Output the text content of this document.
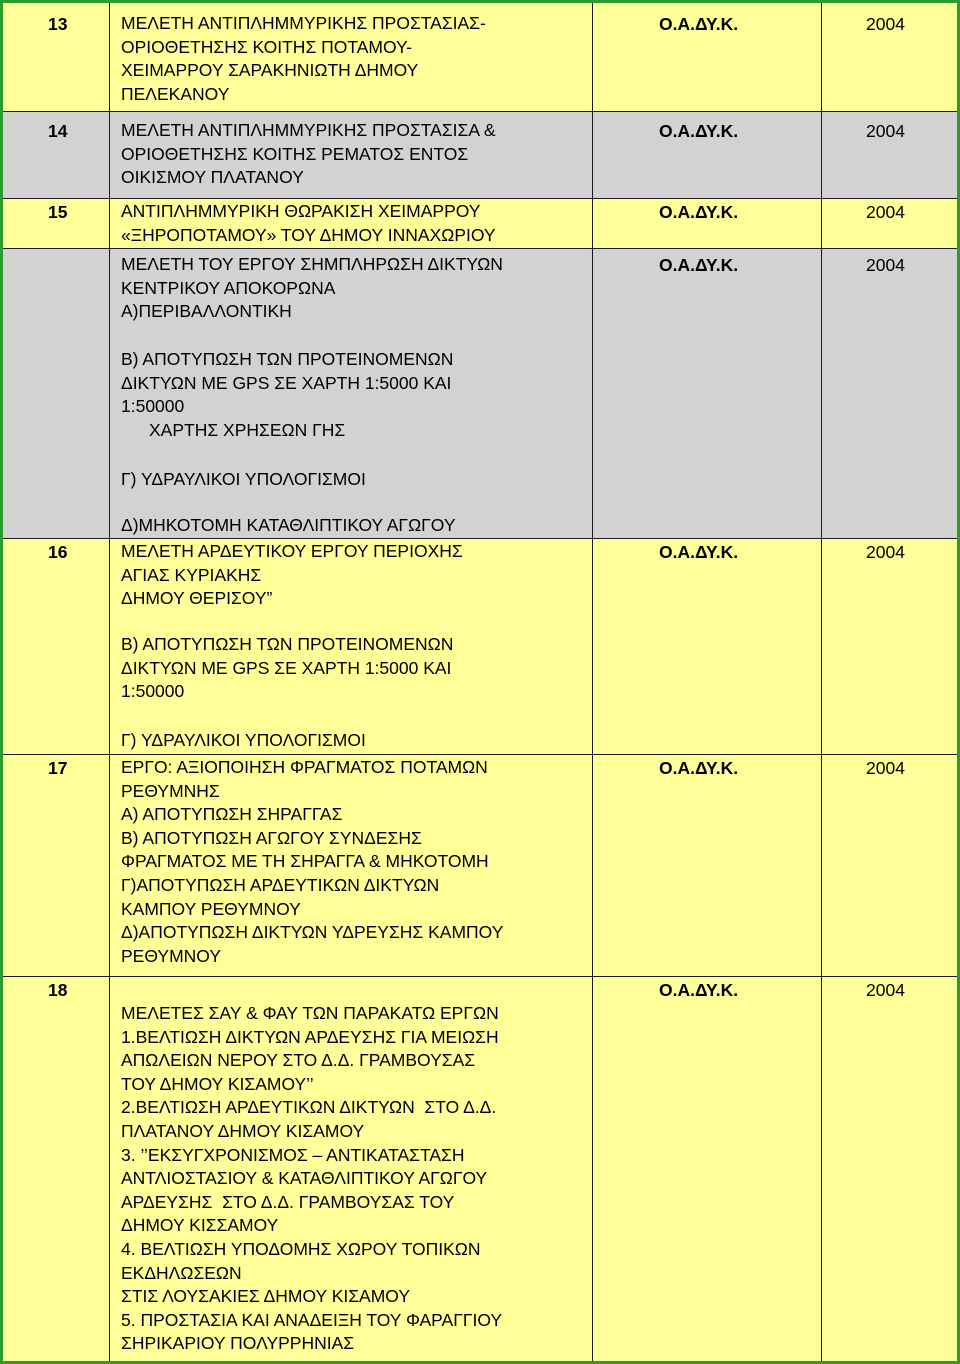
13	ΜΕΛΕΤΗ ΑΝΤΙΠΛΗΜΜΥΡΙΚΗΣ ΠΡΟΣΤΑΣΙΑΣ-
ΟΡΙΟΘΕΤΗΣΗΣ ΚΟΙΤΗΣ ΠΟΤΑΜΟΥ-
ΧΕΙΜΑΡΡΟΥ ΣΑΡΑΚΗΝΙΩΤΗ ΔΗΜΟΥ
ΠΕΛΕΚΑΝΟΥ
Ο.Α.ΔΥ.Κ.	2004
14	ΜΕΛΕΤΗ ΑΝΤΙΠΛΗΜΜΥΡΙΚΗΣ ΠΡΟΣΤΑΣΙΣΑ &
ΟΡΙΟΘΕΤΗΣΗΣ ΚΟΙΤΗΣ ΡΕΜΑΤΟΣ ΕΝΤΟΣ
ΟΙΚΙΣΜΟΥ ΠΛΑΤΑΝΟΥ
Ο.Α.ΔΥ.Κ.	2004
15	ΑΝΤΙΠΛΗΜΜΥΡΙΚΗ ΘΩΡΑΚΙΣΗ ΧΕΙΜΑΡΡΟΥ
«ΞΗΡΟΠΟΤΑΜΟΥ» ΤΟΥ ΔΗΜΟΥ ΙΝΝΑΧΩΡΙΟΥ
Ο.Α.ΔΥ.Κ.	2004
ΜΕΛΕΤΗ ΤΟΥ ΕΡΓΟΥ ΣΗΜΠΛΗΡΩΣΗ ΔΙΚΤΥΩΝ
ΚΕΝΤΡΙΚΟΥ ΑΠΟΚΟΡΩΝΑ
Α)ΠΕΡΙΒΑΛΛΟΝΤΙΚΗ
Β) ΑΠΟΤΥΠΩΣΗ ΤΩΝ ΠΡΟΤΕΙΝΟΜΕΝΩΝ
ΔΙΚΤΥΩΝ ΜΕ GPS ΣΕ ΧΑΡΤΗ 1:5000 ΚΑΙ
1:50000
ΧΑΡΤΗΣ ΧΡΗΣΕΩΝ ΓΗΣ
Γ) ΥΔΡΑΥΛΙΚΟΙ ΥΠΟΛΟΓΙΣΜΟΙ
Δ)ΜΗΚΟΤΟΜΗ ΚΑΤΑΘΛΙΠΤΙΚΟΥ ΑΓΩΓΟΥ
Ο.Α.ΔΥ.Κ.	2004
16	ΜΕΛΕΤΗ ΑΡΔΕΥΤΙΚΟΥ ΕΡΓΟΥ ΠΕΡΙΟΧΗΣ
ΑΓΙΑΣ ΚΥΡΙΑΚΗΣ
ΔΗΜΟΥ ΘΕΡΙΣΟΥ”
Β) ΑΠΟΤΥΠΩΣΗ ΤΩΝ ΠΡΟΤΕΙΝΟΜΕΝΩΝ
ΔΙΚΤΥΩΝ ΜΕ GPS ΣΕ ΧΑΡΤΗ 1:5000 ΚΑΙ
1:50000
Γ) ΥΔΡΑΥΛΙΚΟΙ ΥΠΟΛΟΓΙΣΜΟΙ
Ο.Α.ΔΥ.Κ.	2004
17	ΕΡΓΟ: ΑΞΙΟΠΟΙΗΣΗ ΦΡΑΓΜΑΤΟΣ ΠΟΤΑΜΩΝ
ΡΕΘΥΜΝΗΣ
Α) ΑΠΟΤΥΠΩΣΗ ΣΗΡΑΓΓΑΣ
Β) ΑΠΟΤΥΠΩΣΗ ΑΓΩΓΟΥ ΣΥΝΔΕΣΗΣ
ΦΡΑΓΜΑΤΟΣ ΜΕ ΤΗ ΣΗΡΑΓΓΑ & ΜΗΚΟΤΟΜΗ
Γ)ΑΠΟΤΥΠΩΣΗ ΑΡΔΕΥΤΙΚΩΝ ΔΙΚΤΥΩΝ
ΚΑΜΠΟΥ ΡΕΘΥΜΝΟΥ
Δ)ΑΠΟΤΥΠΩΣΗ ΔΙΚΤΥΩΝ ΥΔΡΕΥΣΗΣ ΚΑΜΠΟΥ
ΡΕΘΥΜΝΟΥ
Ο.Α.ΔΥ.Κ.	2004
18
ΜΕΛΕΤΕΣ ΣΑΥ & ΦΑΥ ΤΩΝ ΠΑΡΑΚΑΤΩ ΕΡΓΩΝ
1.ΒΕΛΤΙΩΣΗ ΔΙΚΤΥΩΝ ΑΡΔΕΥΣΗΣ ΓΙΑ ΜΕΙΩΣΗ
ΑΠΩΛΕΙΩΝ ΝΕΡΟΥ ΣΤΟ Δ.Δ. ΓΡΑΜΒΟΥΣΑΣ
ΤΟΥ ΔΗΜΟΥ ΚΙΣΑΜΟΥ’’
2.ΒΕΛΤΙΩΣΗ ΑΡΔΕΥΤΙΚΩΝ ΔΙΚΤΥΩΝ  ΣΤΟ Δ.Δ.
ΠΛΑΤΑΝΟΥ ΔΗΜΟΥ ΚΙΣΑΜΟΥ
3. ’’ΕΚΣΥΓΧΡΟΝΙΣΜΟΣ – ΑΝΤΙΚΑΤΑΣΤΑΣΗ
ΑΝΤΛΙΟΣΤΑΣΙΟΥ & ΚΑΤΑΘΛΙΠΤΙΚΟΥ ΑΓΩΓΟΥ
ΑΡΔΕΥΣΗΣ  ΣΤΟ Δ.Δ. ΓΡΑΜΒΟΥΣΑΣ ΤΟΥ
ΔΗΜΟΥ ΚΙΣΣΑΜΟΥ
4. ΒΕΛΤΙΩΣΗ ΥΠΟΔΟΜΗΣ ΧΩΡΟΥ ΤΟΠΙΚΩΝ
ΕΚΔΗΛΩΣΕΩΝ
ΣΤΙΣ ΛΟΥΣΑΚΙΕΣ ΔΗΜΟΥ ΚΙΣΑΜΟΥ
5. ΠΡΟΣΤΑΣΙΑ ΚΑΙ ΑΝΑΔΕΙΞΗ ΤΟΥ ΦΑΡΑΓΓΙΟΥ
ΣΗΡΙΚΑΡΙΟΥ ΠΟΛΥΡΡΗΝΙΑΣ
Ο.Α.ΔΥ.Κ.	2004
